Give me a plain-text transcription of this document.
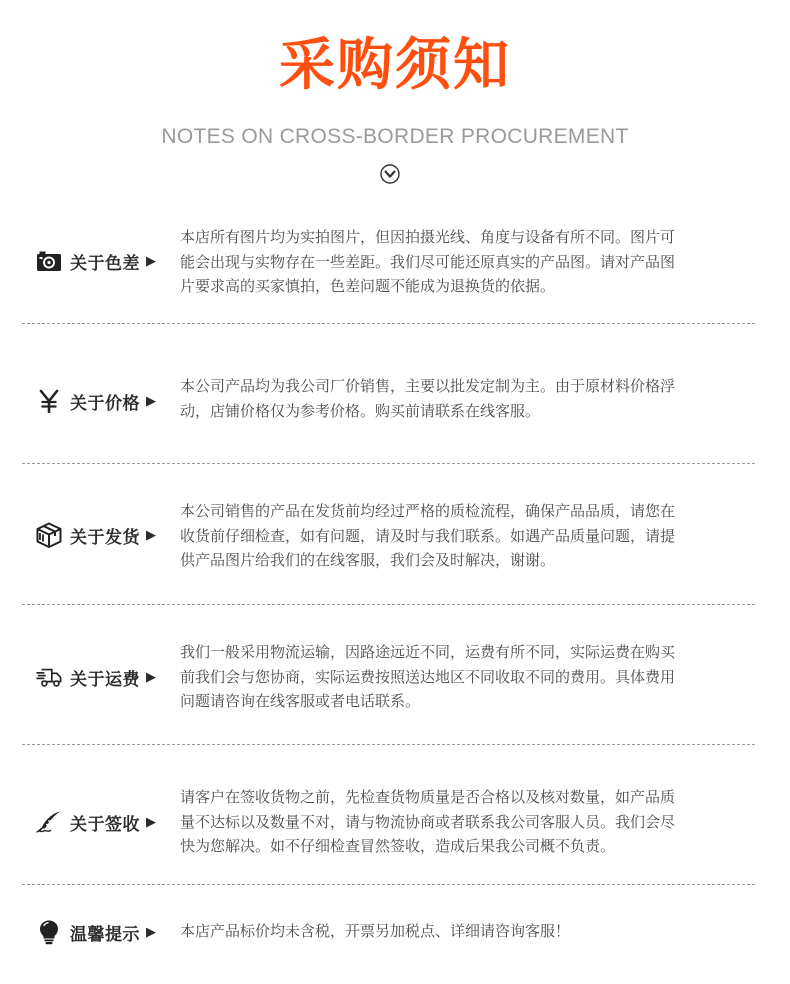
采购须知
NOTES ON CROSS-BORDER PROCUREMENT
关于色差 ▶

本店所有图片均为实拍图片，但因拍摄光线、角度与设备有所不同。图片可

能会出现与实物存在一些差距。我们尽可能还原真实的产品图。请对产品图

片要求高的买家慎拍，色差问题不能成为退换货的依据。

关于价格 ▶

本公司产品均为我公司厂价销售，主要以批发定制为主。由于原材料价格浮

动，店铺价格仅为参考价格。购买前请联系在线客服。

关于发货 ▶

本公司销售的产品在发货前均经过严格的质检流程，确保产品品质，请您在

收货前仔细检查，如有问题，请及时与我们联系。如遇产品质量问题，请提

供产品图片给我们的在线客服，我们会及时解决，谢谢。

关于运费 ▶

我们一般采用物流运输，因路途远近不同，运费有所不同，实际运费在购买

前我们会与您协商，实际运费按照送达地区不同收取不同的费用。具体费用

问题请咨询在线客服或者电话联系。

关于签收 ▶

请客户在签收货物之前，先检查货物质量是否合格以及核对数量，如产品质

量不达标以及数量不对，请与物流协商或者联系我公司客服人员。我们会尽

快为您解决。如不仔细检查冒然签收，造成后果我公司概不负责。

温馨提示 ▶ 本店产品标价均未含税，开票另加税点、详细请咨询客服！
